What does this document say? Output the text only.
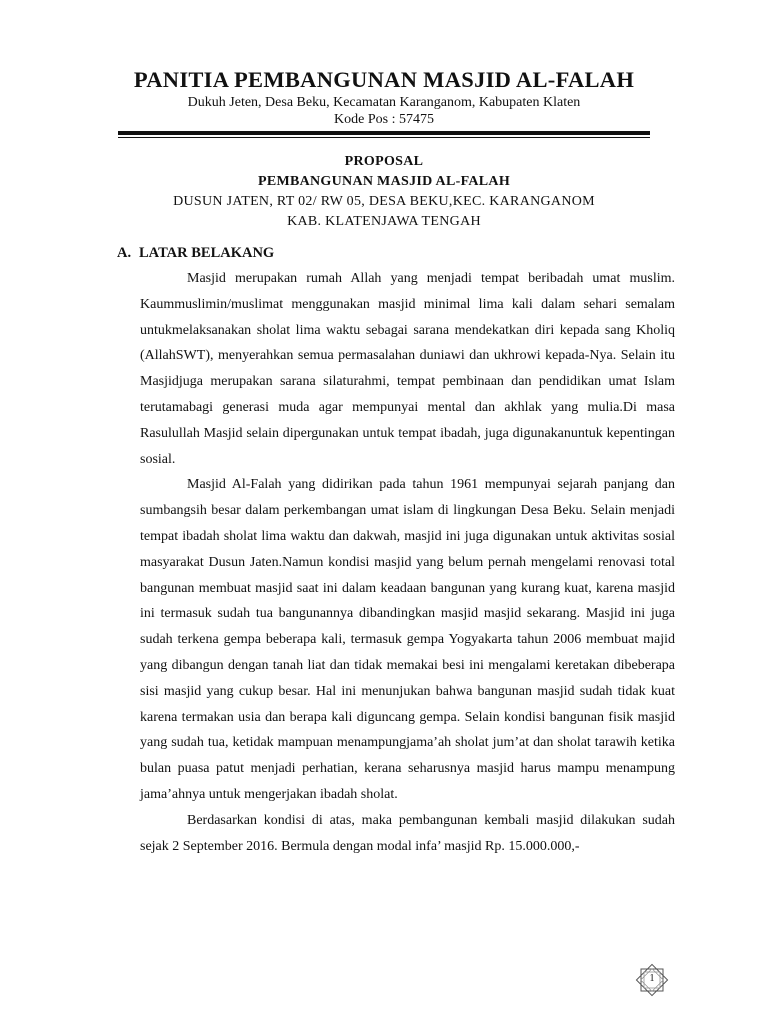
PANITIA PEMBANGUNAN MASJID AL-FALAH
Dukuh Jeten, Desa Beku, Kecamatan Karanganom, Kabupaten Klaten
Kode Pos : 57475
PROPOSAL
PEMBANGUNAN MASJID AL-FALAH
DUSUN JATEN, RT 02/ RW 05, DESA BEKU,KEC. KARANGANOM
KAB. KLATENJAWA TENGAH
A. LATAR BELAKANG

Masjid merupakan rumah Allah yang menjadi tempat beribadah umat muslim. Kaummuslimin/muslimat menggunakan masjid minimal lima kali dalam sehari semalam untukmelaksanakan sholat lima waktu sebagai sarana mendekatkan diri kepada sang Kholiq (AllahSWT), menyerahkan semua permasalahan duniawi dan ukhrowi kepada-Nya. Selain itu Masjidjuga merupakan sarana silaturahmi, tempat pembinaan dan pendidikan umat Islam terutamabagi generasi muda agar mempunyai mental dan akhlak yang mulia.Di masa Rasulullah Masjid selain dipergunakan untuk tempat ibadah, juga digunakanuntuk kepentingan sosial.

Masjid Al-Falah yang didirikan pada tahun 1961 mempunyai sejarah panjang dan sumbangsih besar dalam perkembangan umat islam di lingkungan Desa Beku. Selain menjadi tempat ibadah sholat lima waktu dan dakwah, masjid ini juga digunakan untuk aktivitas sosial masyarakat Dusun Jaten.Namun kondisi masjid yang belum pernah mengelami renovasi total bangunan membuat masjid saat ini dalam keadaan bangunan yang kurang kuat, karena masjid ini termasuk sudah tua bangunannya dibandingkan masjid masjid sekarang. Masjid ini juga sudah terkena gempa beberapa kali, termasuk gempa Yogyakarta tahun 2006 membuat majid yang dibangun dengan tanah liat dan tidak memakai besi ini mengalami keretakan dibeberapa sisi masjid yang cukup besar. Hal ini menunjukan bahwa bangunan masjid sudah tidak kuat karena termakan usia dan berapa kali diguncang gempa. Selain kondisi bangunan fisik masjid yang sudah tua, ketidak mampuan menampungjama’ah sholat jum’at dan sholat tarawih ketika bulan puasa patut menjadi perhatian, kerana seharusnya masjid harus mampu menampung jama’ahnya untuk mengerjakan ibadah sholat.

Berdasarkan kondisi di atas, maka pembangunan kembali masjid dilakukan sudah sejak 2 September 2016. Bermula dengan modal infa’ masjid Rp. 15.000.000,-

1
